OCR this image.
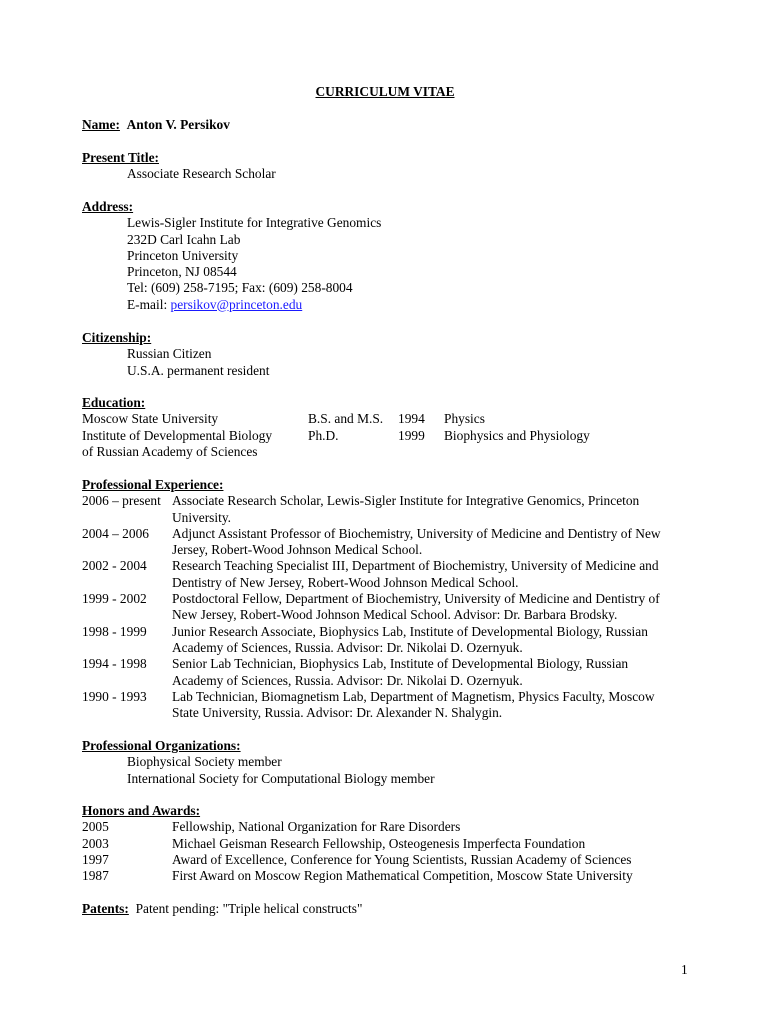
CURRICULUM VITAE
Name: Anton V. Persikov
Present Title:
Associate Research Scholar
Address:
Lewis-Sigler Institute for Integrative Genomics
232D Carl Icahn Lab
Princeton University
Princeton, NJ 08544
Tel: (609) 258-7195; Fax: (609) 258-8004
E-mail: persikov@princeton.edu
Citizenship:
Russian Citizen
U.S.A. permanent resident
Education:
Moscow State University	B.S. and M.S. 1994 Physics
Institute of Developmental Biology	Ph.D.	1999 Biophysics and Physiology
of Russian Academy of Sciences
Professional Experience:
2006 – present Associate Research Scholar, Lewis-Sigler Institute for Integrative Genomics, Princeton
University.
2004 – 2006	Adjunct Assistant Professor of Biochemistry, University of Medicine and Dentistry of New
Jersey, Robert-Wood Johnson Medical School.
2002 - 2004	Research Teaching Specialist III, Department of Biochemistry, University of Medicine and
Dentistry of New Jersey, Robert-Wood Johnson Medical School.
1999 - 2002	Postdoctoral Fellow, Department of Biochemistry, University of Medicine and Dentistry of
New Jersey, Robert-Wood Johnson Medical School. Advisor: Dr. Barbara Brodsky.
1998 - 1999	Junior Research Associate, Biophysics Lab, Institute of Developmental Biology, Russian
Academy of Sciences, Russia. Advisor: Dr. Nikolai D. Ozernyuk.
1994 - 1998	Senior Lab Technician, Biophysics Lab, Institute of Developmental Biology, Russian
Academy of Sciences, Russia. Advisor: Dr. Nikolai D. Ozernyuk.
1990 - 1993	Lab Technician, Biomagnetism Lab, Department of Magnetism, Physics Faculty, Moscow
State University, Russia. Advisor: Dr. Alexander N. Shalygin.
Professional Organizations:
Biophysical Society member
International Society for Computational Biology member
Honors and Awards:
2005	Fellowship, National Organization for Rare Disorders
2003	Michael Geisman Research Fellowship, Osteogenesis Imperfecta Foundation
1997	Award of Excellence, Conference for Young Scientists, Russian Academy of Sciences
1987	First Award on Moscow Region Mathematical Competition, Moscow State University
Patents: Patent pending: "Triple helical constructs"
1
